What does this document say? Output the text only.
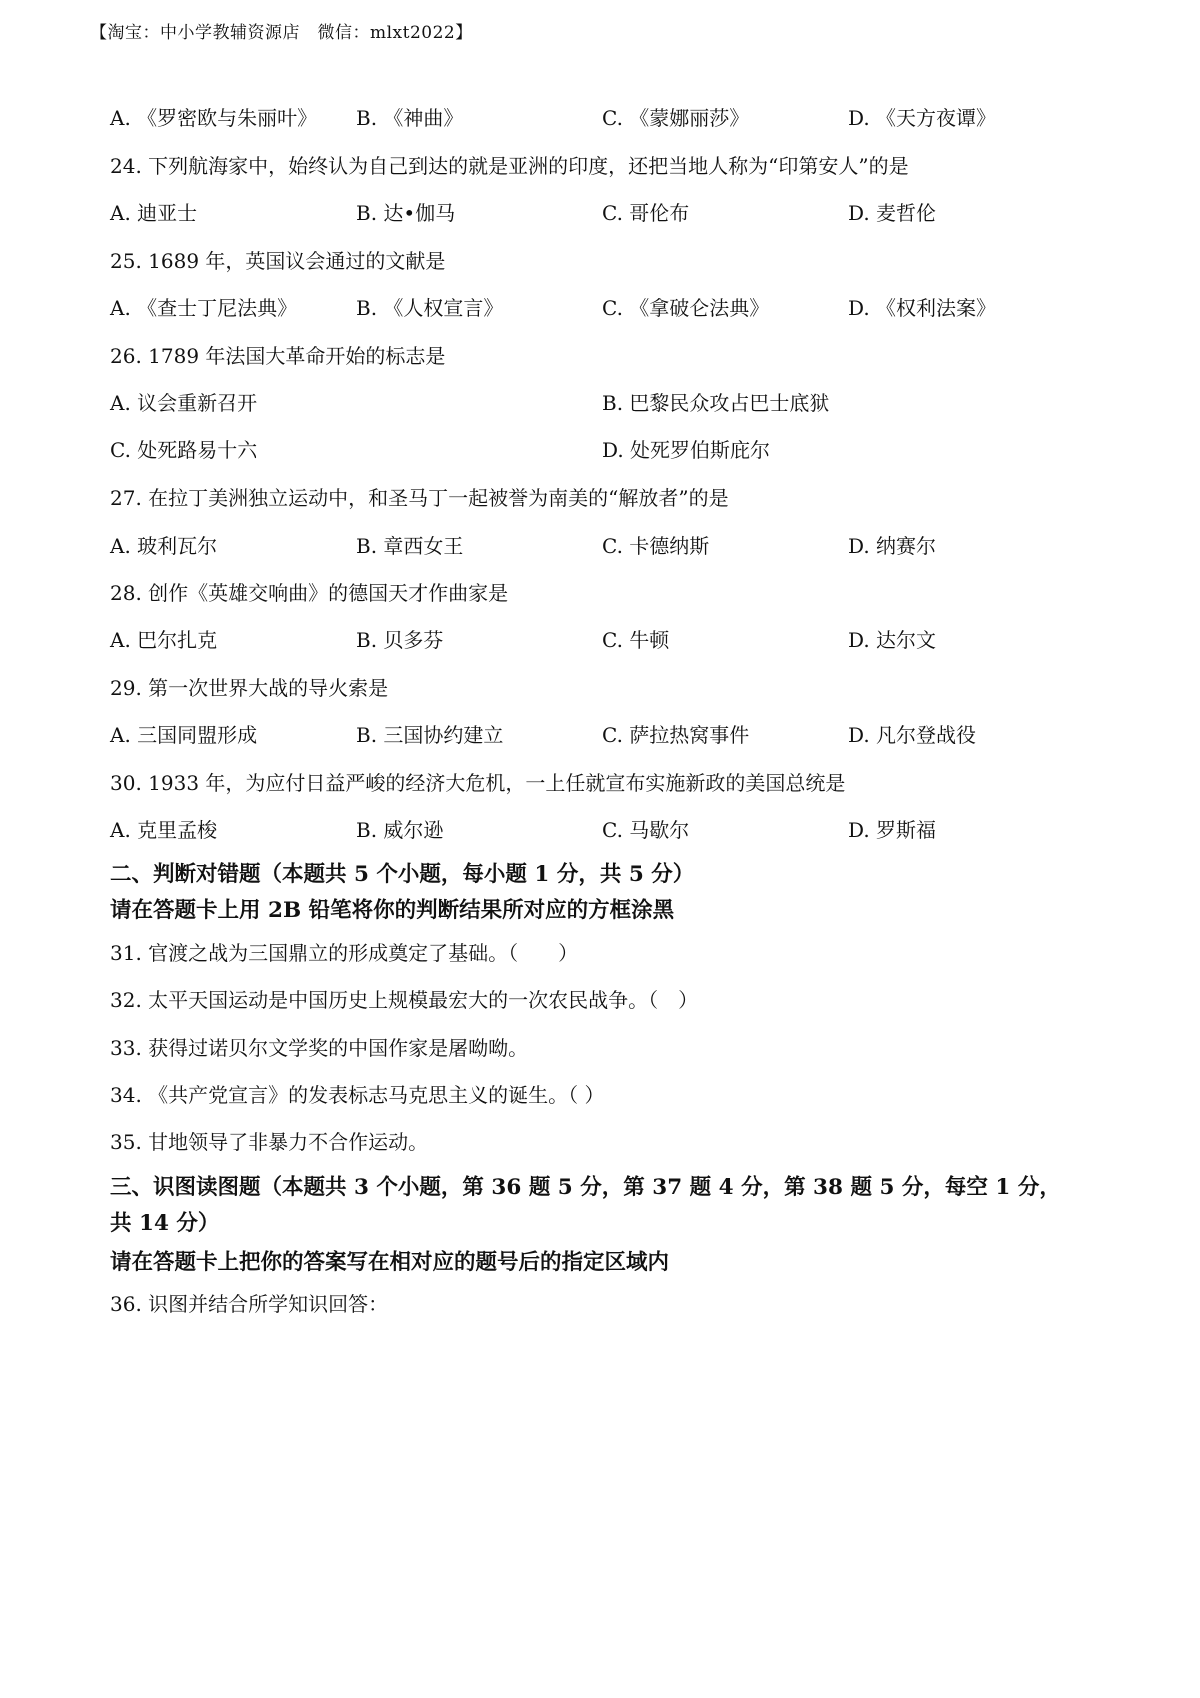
【淘宝：中小学教辅资源店　微信：mlxt2022】
A. 《罗密欧与朱丽叶》 B. 《神曲》	C. 《蒙娜丽莎》	D. 《天方夜谭》
24. 下列航海家中，始终认为自己到达的就是亚洲的印度，还把当地人称为“印第安人”的是
A. 迪亚士	B. 达•伽马	C. 哥伦布	D. 麦哲伦
25. 1689 年，英国议会通过的文献是
A. 《查士丁尼法典》	B. 《人权宣言》	C. 《拿破仑法典》	D. 《权利法案》
26. 1789 年法国大革命开始的标志是
A. 议会重新召开	B. 巴黎民众攻占巴士底狱
C. 处死路易十六	D. 处死罗伯斯庇尔
27. 在拉丁美洲独立运动中，和圣马丁一起被誉为南美的“解放者”的是
A. 玻利瓦尔	B. 章西女王	C. 卡德纳斯	D. 纳赛尔
28. 创作《英雄交响曲》的德国天才作曲家是
A. 巴尔扎克	B. 贝多芬	C. 牛顿	D. 达尔文
29. 第一次世界大战的导火索是
A. 三国同盟形成	B. 三国协约建立	C. 萨拉热窝事件	D. 凡尔登战役
30. 1933 年，为应付日益严峻的经济大危机，一上任就宣布实施新政的美国总统是
A. 克里孟梭	B. 威尔逊	C. 马歇尔	D. 罗斯福
二、判断对错题（本题共 5 个小题，每小题 1 分，共 5 分）
请在答题卡上用 2B 铅笔将你的判断结果所对应的方框涂黑
31. 官渡之战为三国鼎立的形成奠定了基础。（　　）
32. 太平天国运动是中国历史上规模最宏大的一次农民战争。（　）
33. 获得过诺贝尔文学奖的中国作家是屠呦呦。
34. 《共产党宣言》的发表标志马克思主义的诞生。（ ）
35. 甘地领导了非暴力不合作运动。
三、识图读图题（本题共 3 个小题，第 36 题 5 分，第 37 题 4 分，第 38 题 5 分，每空 1 分，
共 14 分）
请在答题卡上把你的答案写在相对应的题号后的指定区域内
36. 识图并结合所学知识回答：
